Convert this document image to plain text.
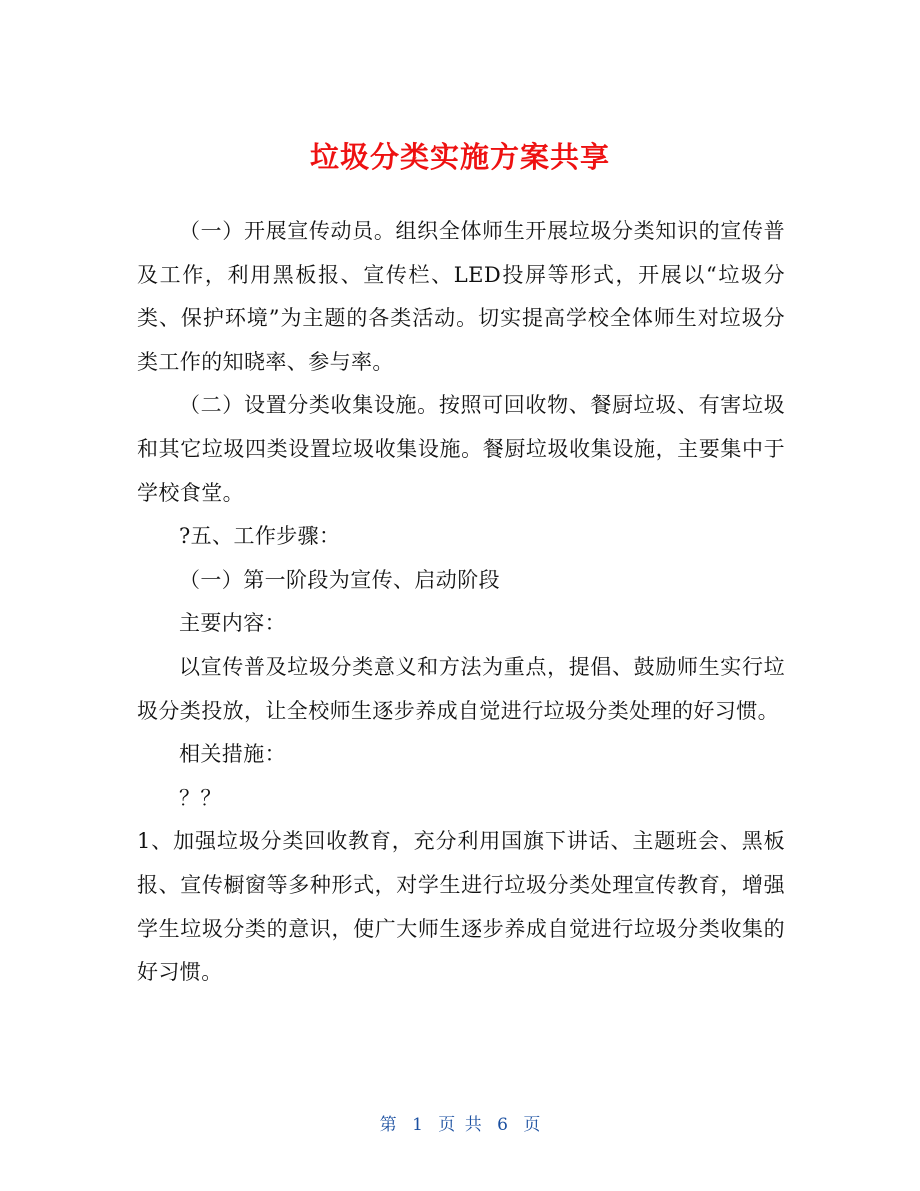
垃圾分类实施方案共享

（一）开展宣传动员。组织全体师生开展垃圾分类知识的宣传普及工作，利用黑板报、宣传栏、LED投屏等形式，开展以“垃圾分类、保护环境”为主题的各类活动。切实提高学校全体师生对垃圾分类工作的知晓率、参与率。

（二）设置分类收集设施。按照可回收物、餐厨垃圾、有害垃圾和其它垃圾四类设置垃圾收集设施。餐厨垃圾收集设施，主要集中于学校食堂。

?五、工作步骤：

（一）第一阶段为宣传、启动阶段

主要内容：

以宣传普及垃圾分类意义和方法为重点，提倡、鼓励师生实行垃圾分类投放，让全校师生逐步养成自觉进行垃圾分类处理的好习惯。

相关措施：

？？

1、加强垃圾分类回收教育，充分利用国旗下讲话、主题班会、黑板报、宣传橱窗等多种形式，对学生进行垃圾分类处理宣传教育，增强学生垃圾分类的意识，使广大师生逐步养成自觉进行垃圾分类收集的好习惯。

第 1 页 共 6 页
